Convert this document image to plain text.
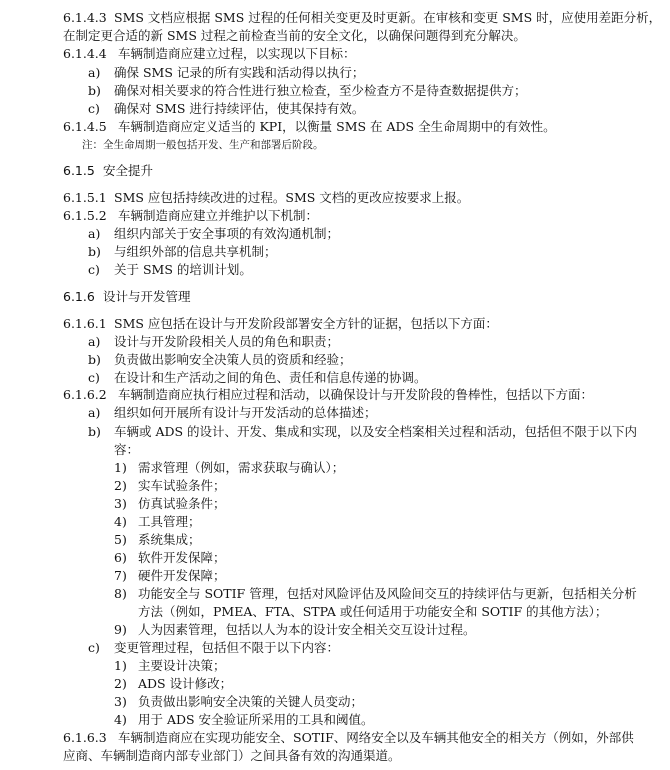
6.1.4.3 SMS 文档应根据 SMS 过程的任何相关变更及时更新。在审核和变更 SMS 时，应使用差距分析，
在制定更合适的新 SMS 过程之前检查当前的安全文化，以确保问题得到充分解决。
6.1.4.4 车辆制造商应建立过程，以实现以下目标：
a) 确保 SMS 记录的所有实践和活动得以执行；
b) 确保对相关要求的符合性进行独立检查，至少检查方不是待查数据提供方；
c) 确保对 SMS 进行持续评估，使其保持有效。
6.1.4.5 车辆制造商应定义适当的 KPI，以衡量 SMS 在 ADS 全生命周期中的有效性。
注：全生命周期一般包括开发、生产和部署后阶段。
6.1.5 安全提升
6.1.5.1 SMS 应包括持续改进的过程。SMS 文档的更改应按要求上报。
6.1.5.2 车辆制造商应建立并维护以下机制：
a) 组织内部关于安全事项的有效沟通机制；
b) 与组织外部的信息共享机制；
c) 关于 SMS 的培训计划。
6.1.6 设计与开发管理
6.1.6.1 SMS 应包括在设计与开发阶段部署安全方针的证据，包括以下方面：
a) 设计与开发阶段相关人员的角色和职责；
b) 负责做出影响安全决策人员的资质和经验；
c) 在设计和生产活动之间的角色、责任和信息传递的协调。
6.1.6.2 车辆制造商应执行相应过程和活动，以确保设计与开发阶段的鲁棒性，包括以下方面：
a) 组织如何开展所有设计与开发活动的总体描述；
b) 车辆或 ADS 的设计、开发、集成和实现，以及安全档案相关过程和活动，包括但不限于以下内
容：
1) 需求管理（例如，需求获取与确认）；
2) 实车试验条件；
3) 仿真试验条件；
4) 工具管理；
5) 系统集成；
6) 软件开发保障；
7) 硬件开发保障；
8) 功能安全与 SOTIF 管理，包括对风险评估及风险间交互的持续评估与更新，包括相关分析
方法（例如，PMEA、FTA、STPA 或任何适用于功能安全和 SOTIF 的其他方法）；
9) 人为因素管理，包括以人为本的设计安全相关交互设计过程。
c) 变更管理过程，包括但不限于以下内容：
1) 主要设计决策；
2) ADS 设计修改；
3) 负责做出影响安全决策的关键人员变动；
4) 用于 ADS 安全验证所采用的工具和阈值。
6.1.6.3 车辆制造商应在实现功能安全、SOTIF、网络安全以及车辆其他安全的相关方（例如，外部供
应商、车辆制造商内部专业部门）之间具备有效的沟通渠道。
